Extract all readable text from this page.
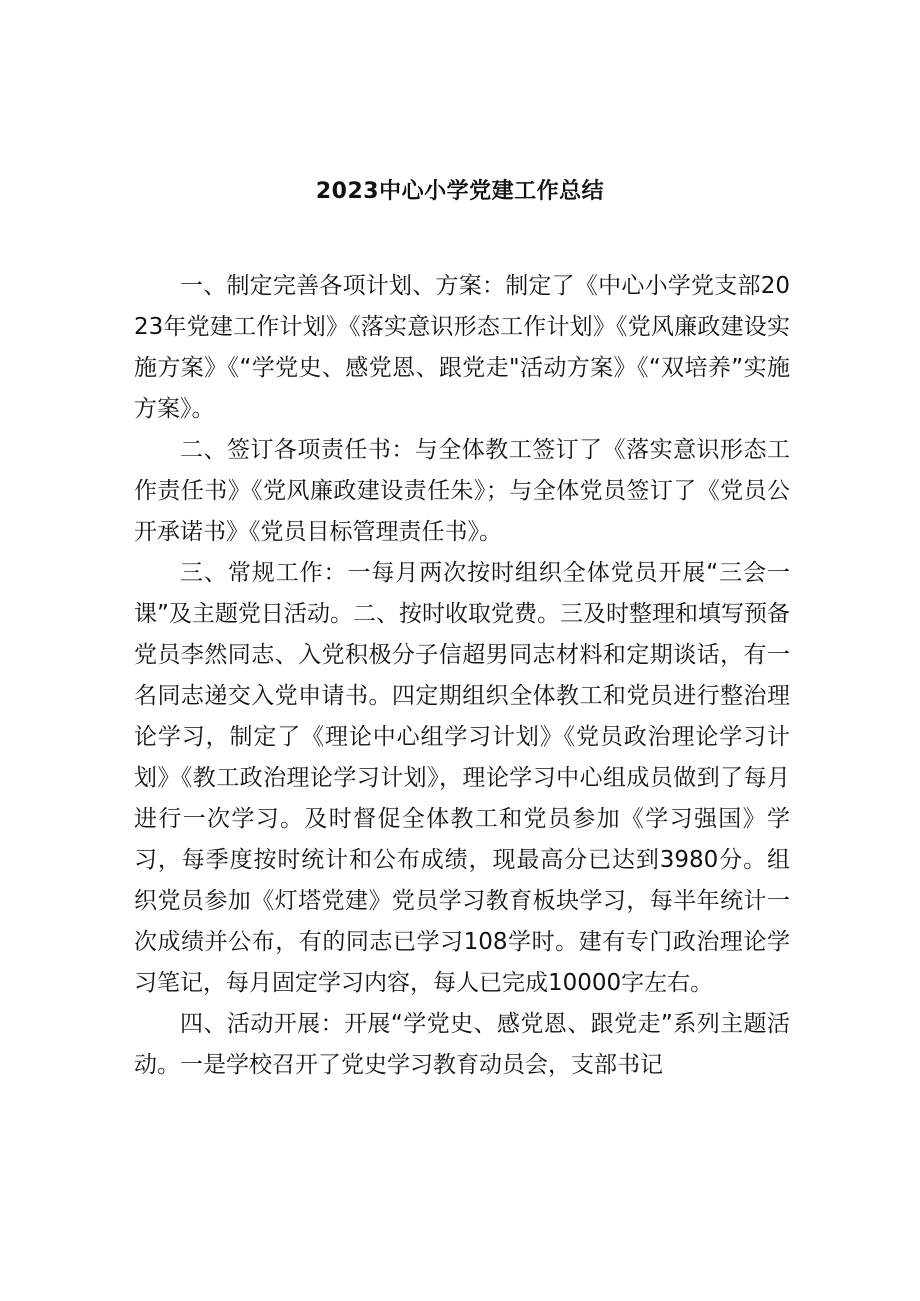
2023中心小学党建工作总结

一、制定完善各项计划、方案：制定了《中心小学党支部2023年党建工作计划》《落实意识形态工作计划》《党风廉政建设实施方案》《“学党史、感党恩、跟党走"活动方案》《“双培养”实施方案》。

二、签订各项责任书：与全体教工签订了《落实意识形态工作责任书》《党风廉政建设责任朱》；与全体党员签订了《党员公开承诺书》《党员目标管理责任书》。

三、常规工作：一每月两次按时组织全体党员开展“三会一课”及主题党日活动。二、按时收取党费。三及时整理和填写预备党员李然同志、入党积极分子信超男同志材料和定期谈话，有一名同志递交入党申请书。四定期组织全体教工和党员进行整治理论学习，制定了《理论中心组学习计划》《党员政治理论学习计划》《教工政治理论学习计划》，理论学习中心组成员做到了每月进行一次学习。及时督促全体教工和党员参加《学习强国》学习，每季度按时统计和公布成绩，现最高分已达到3980分。组织党员参加《灯塔党建》党员学习教育板块学习，每半年统计一次成绩并公布，有的同志已学习108学时。建有专门政治理论学习笔记，每月固定学习内容，每人已完成10000字左右。

四、活动开展：开展“学党史、感党恩、跟党走”系列主题活动。一是学校召开了党史学习教育动员会，支部书记
